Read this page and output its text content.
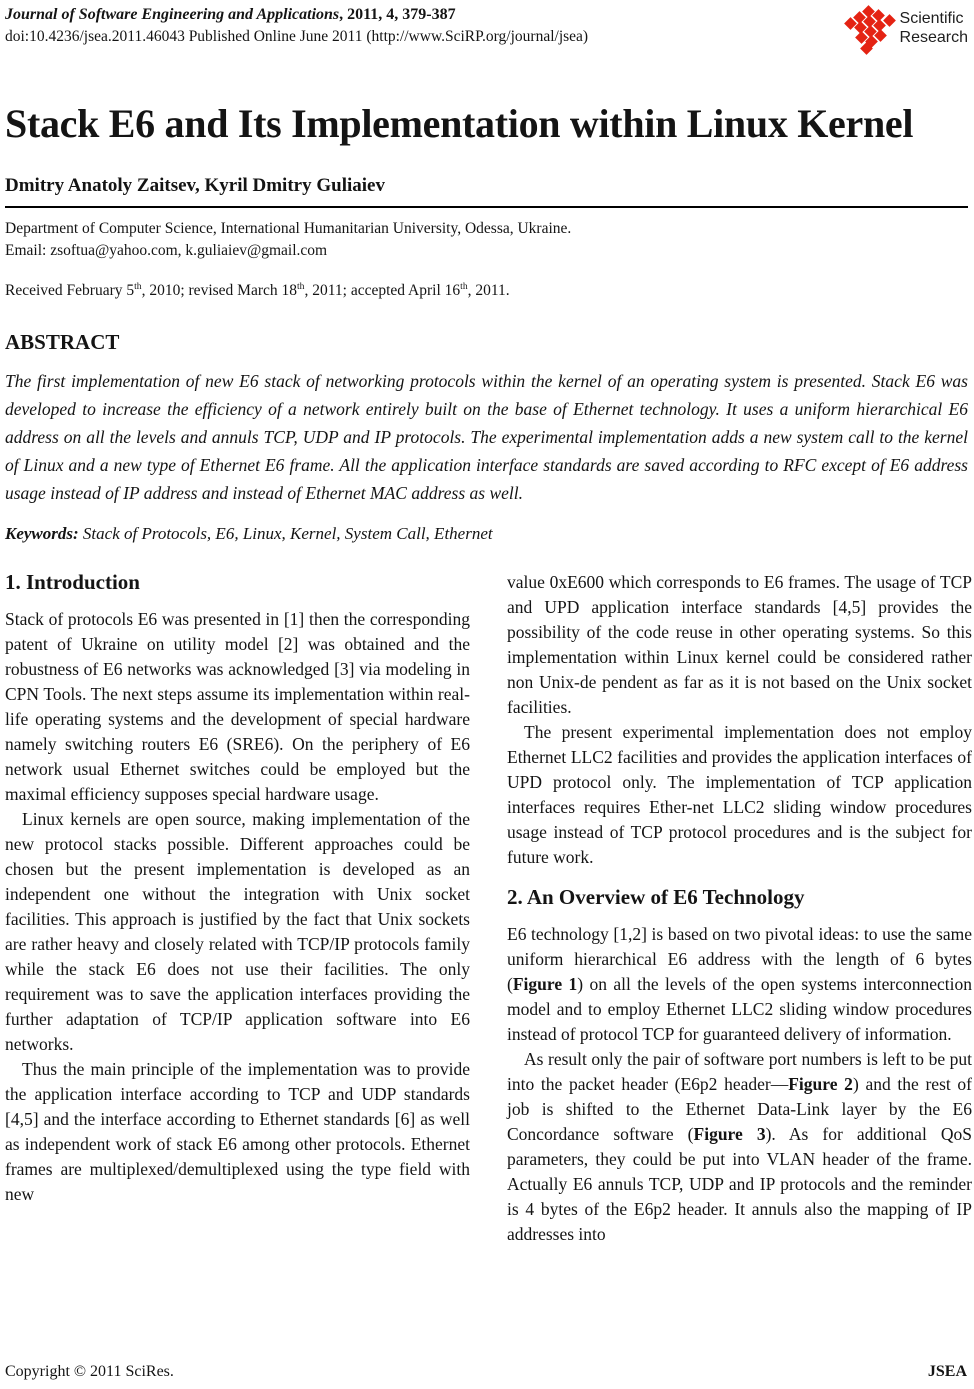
Journal of Software Engineering and Applications, 2011, 4, 379-387
doi:10.4236/jsea.2011.46043 Published Online June 2011 (http://www.SciRP.org/journal/jsea)
Scientific
Research
Stack E6 and Its Implementation within Linux Kernel
Dmitry Anatoly Zaitsev, Kyril Dmitry Guliaiev
Department of Computer Science, International Humanitarian University, Odessa, Ukraine.
Email: zsoftua@yahoo.com, k.guliaiev@gmail.com
Received February 5th, 2010; revised March 18th, 2011; accepted April 16th, 2011.
ABSTRACT
The first implementation of new E6 stack of networking protocols within the kernel of an operating system is presented. Stack E6 was developed to increase the efficiency of a network entirely built on the base of Ethernet technology. It uses a uniform hierarchical E6 address on all the levels and annuls TCP, UDP and IP protocols. The experimental implementation adds a new system call to the kernel of Linux and a new type of Ethernet E6 frame. All the application interface standards are saved according to RFC except of E6 address usage instead of IP address and instead of Ethernet MAC address as well.
Keywords: Stack of Protocols, E6, Linux, Kernel, System Call, Ethernet
1. Introduction

Stack of protocols E6 was presented in [1] then the corresponding patent of Ukraine on utility model [2] was obtained and the robustness of E6 networks was acknowledged [3] via modeling in CPN Tools. The next steps assume its implementation within real-life operating systems and the development of special hardware namely switching routers E6 (SRE6). On the periphery of E6 network usual Ethernet switches could be employed but the maximal efficiency supposes special hardware usage.

Linux kernels are open source, making implementation of the new protocol stacks possible. Different approaches could be chosen but the present implementation is developed as an independent one without the integration with Unix socket facilities. This approach is justified by the fact that Unix sockets are rather heavy and closely related with TCP/IP protocols family while the stack E6 does not use their facilities. The only requirement was to save the application interfaces providing the further adaptation of TCP/IP application software into E6 networks.

Thus the main principle of the implementation was to provide the application interface according to TCP and UDP standards [4,5] and the interface according to Ethernet standards [6] as well as independent work of stack E6 among other protocols. Ethernet frames are multiplexed/demultiplexed using the type field with new

value 0xE600 which corresponds to E6 frames. The usage of TCP and UPD application interface standards [4,5] provides the possibility of the code reuse in other operating systems. So this implementation within Linux kernel could be considered rather non Unix-de pendent as far as it is not based on the Unix socket facilities.

The present experimental implementation does not employ Ethernet LLC2 facilities and provides the application interfaces of UPD protocol only. The implementation of TCP application interfaces requires Ether-net LLC2 sliding window procedures usage instead of TCP protocol procedures and is the subject for future work.

2. An Overview of E6 Technology

E6 technology [1,2] is based on two pivotal ideas: to use the same uniform hierarchical E6 address with the length of 6 bytes (Figure 1) on all the levels of the open systems interconnection model and to employ Ethernet LLC2 sliding window procedures instead of protocol TCP for guaranteed delivery of information.

As result only the pair of software port numbers is left to be put into the packet header (E6p2 header—Figure 2) and the rest of job is shifted to the Ethernet Data-Link layer by the E6 Concordance software (Figure 3). As for additional QoS parameters, they could be put into VLAN header of the frame. Actually E6 annuls TCP, UDP and IP protocols and the reminder is 4 bytes of the E6p2 header. It annuls also the mapping of IP addresses into

Copyright © 2011 SciRes.	JSEA
